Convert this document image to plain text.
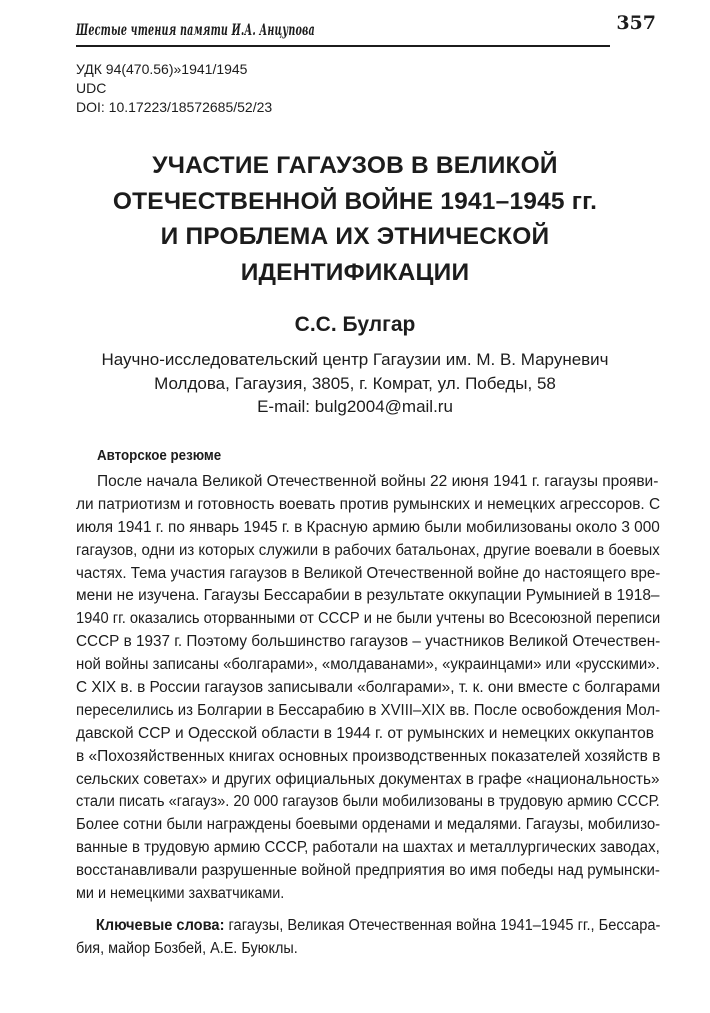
Шестые чтения памяти И.А. Анцупова	357
УДК 94(470.56)»1941/1945
UDC
DOI: 10.17223/18572685/52/23
УЧАСТИЕ ГАГАУЗОВ В ВЕЛИКОЙ
ОТЕЧЕСТВЕННОЙ ВОЙНЕ 1941–1945 гг.
И ПРОБЛЕМА ИХ ЭТНИЧЕСКОЙ
ИДЕНТИФИКАЦИИ
С.С. Булгар
Научно-исследовательский центр Гагаузии им. М. В. Маруневич
Молдова, Гагаузия, 3805, г. Комрат, ул. Победы, 58
E-mail: bulg2004@mail.ru
Авторское резюме
После начала Великой Отечественной войны 22 июня 1941 г. гагаузы прояви-
ли патриотизм и готовность воевать против румынских и немецких агрессоров. С
июля 1941 г. по январь 1945 г. в Красную армию были мобилизованы около 3 000
гагаузов, одни из которых служили в рабочих батальонах, другие воевали в боевых
частях. Тема участия гагаузов в Великой Отечественной войне до настоящего вре-
мени не изучена. Гагаузы Бессарабии в результате оккупации Румынией в 1918–
1940 гг. оказались оторванными от СССР и не были учтены во Всесоюзной переписи
СССР в 1937 г. Поэтому большинство гагаузов – участников Великой Отечествен-
ной войны записаны «болгарами», «молдаванами», «украинцами» или «русскими».
С XIX в. в России гагаузов записывали «болгарами», т. к. они вместе с болгарами
переселились из Болгарии в Бессарабию в XVIII–XIX вв. После освобождения Мол-
давской ССР и Одесской области в 1944 г. от румынских и немецких оккупантов
в «Похозяйственных книгах основных производственных показателей хозяйств в
сельских советах» и других официальных документах в графе «национальность»
стали писать «гагауз». 20 000 гагаузов были мобилизованы в трудовую армию СССР.
Более сотни были награждены боевыми орденами и медалями. Гагаузы, мобилизо-
ванные в трудовую армию СССР, работали на шахтах и металлургических заводах,
восстанавливали разрушенные войной предприятия во имя победы над румынски-
ми и немецкими захватчиками.
Ключевые слова: гагаузы, Великая Отечественная война 1941–1945 гг., Бессара-
бия, майор Бозбей, А.Е. Буюклы.
